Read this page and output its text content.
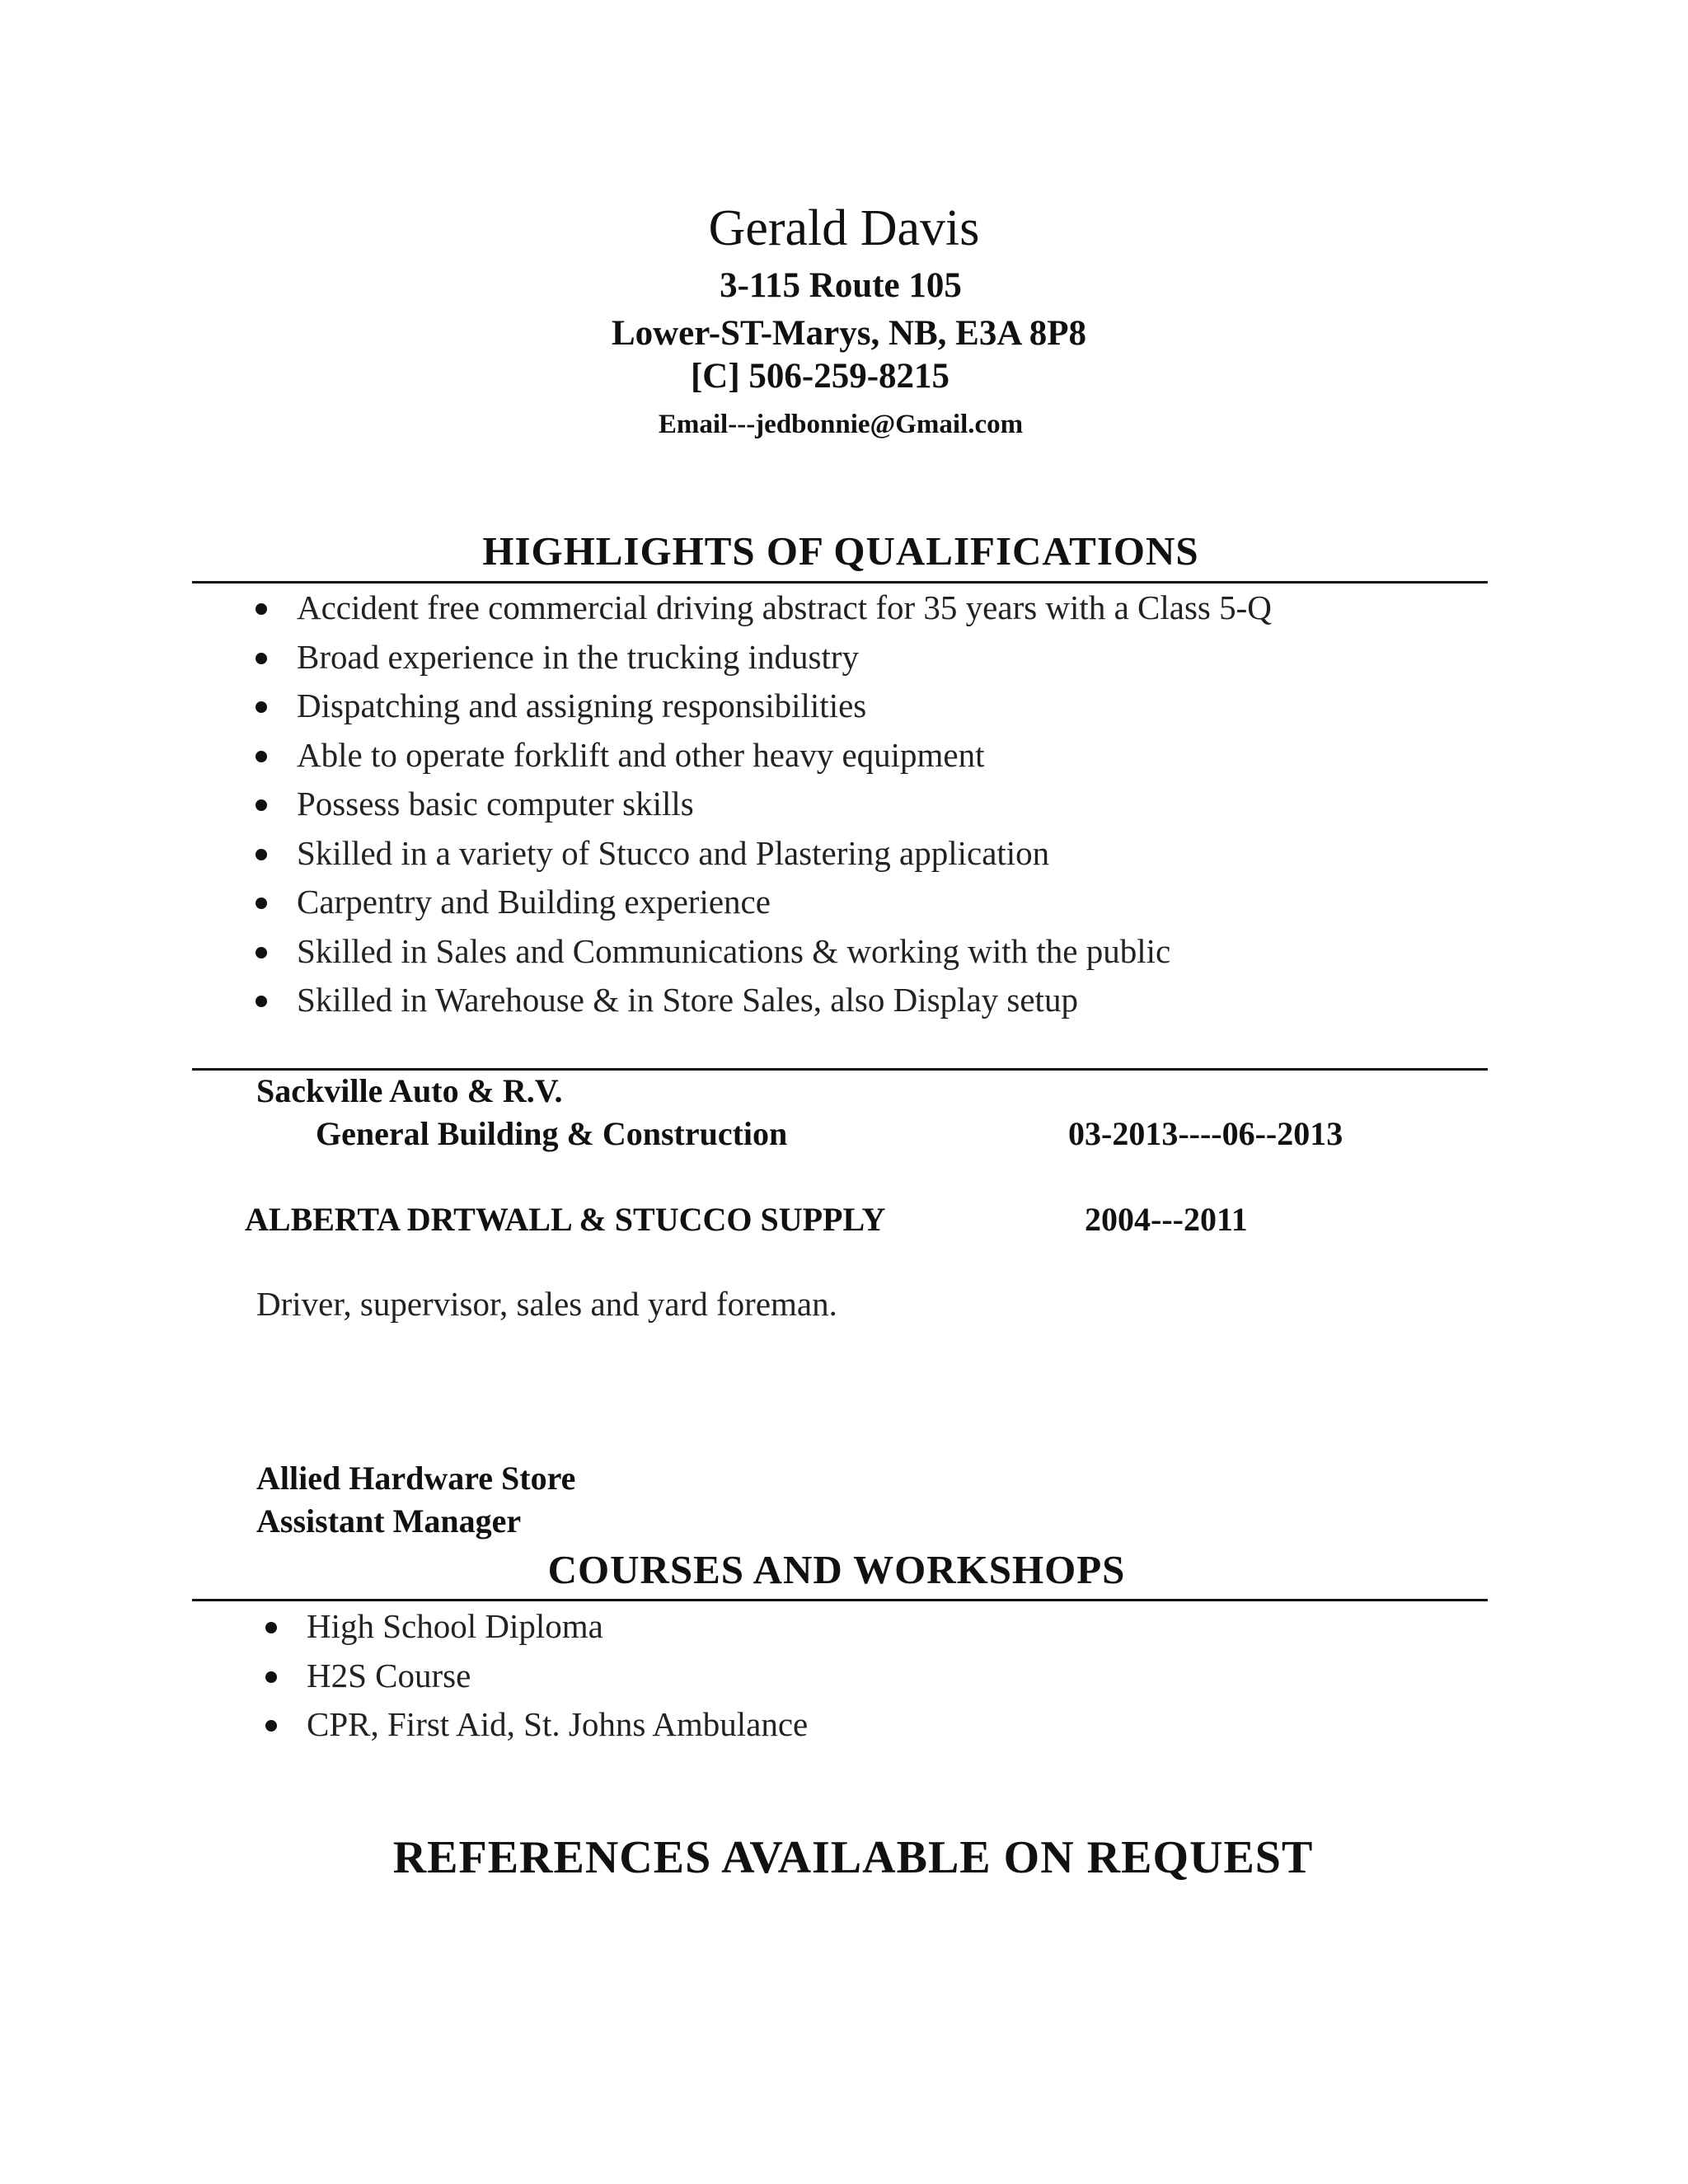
Gerald Davis
3-115 Route 105
Lower-ST-Marys, NB, E3A 8P8
[C] 506-259-8215
Email---jedbonnie@Gmail.com
HIGHLIGHTS OF QUALIFICATIONS
Accident free commercial driving abstract for 35 years with a Class 5-Q
Broad experience in the trucking industry
Dispatching and assigning responsibilities
Able to operate forklift and other heavy equipment
Possess basic computer skills
Skilled in a variety of Stucco and Plastering application
Carpentry and Building experience
Skilled in Sales and Communications & working with the public
Skilled in Warehouse & in Store Sales, also Display setup
Sackville Auto & R.V.
General Building & Construction	03-2013----06--2013
ALBERTA DRTWALL & STUCCO SUPPLY	2004---2011
Driver, supervisor, sales and yard foreman.
Allied Hardware Store
Assistant Manager
COURSES AND WORKSHOPS
High School Diploma
H2S Course
CPR, First Aid, St. Johns Ambulance
REFERENCES AVAILABLE ON REQUEST
